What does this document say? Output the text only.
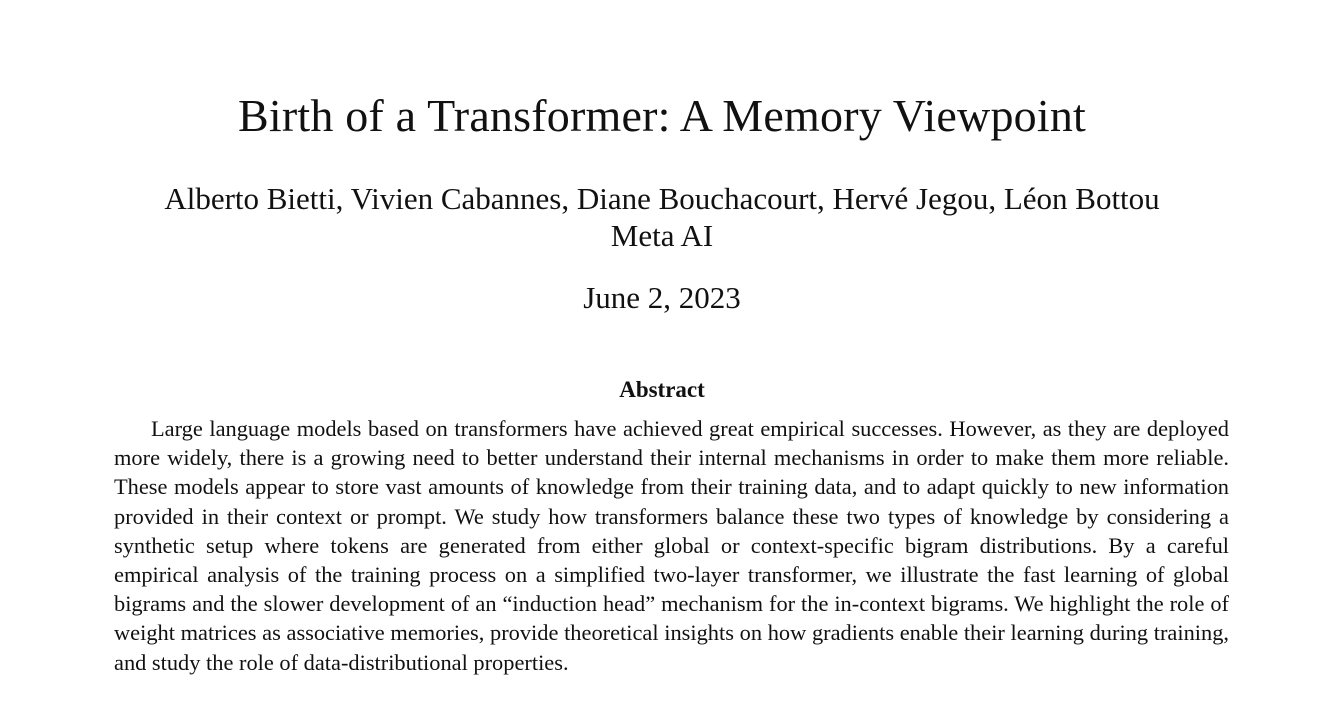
Birth of a Transformer: A Memory Viewpoint
Alberto Bietti, Vivien Cabannes, Diane Bouchacourt, Hervé Jegou, Léon Bottou
Meta AI
June 2, 2023
Abstract

Large language models based on transformers have achieved great empirical successes. However, as they are deployed more widely, there is a growing need to better understand their internal mechanisms in order to make them more reliable. These models appear to store vast amounts of knowledge from their training data, and to adapt quickly to new information provided in their context or prompt. We study how transformers balance these two types of knowledge by considering a synthetic setup where tokens are generated from either global or context-specific bigram distributions. By a careful empirical analysis of the training process on a simplified two-layer transformer, we illustrate the fast learning of global bigrams and the slower development of an “induction head” mechanism for the in-context bigrams. We highlight the role of weight matrices as associative memories, provide theoretical insights on how gradients enable their learning during training, and study the role of data-distributional properties.
